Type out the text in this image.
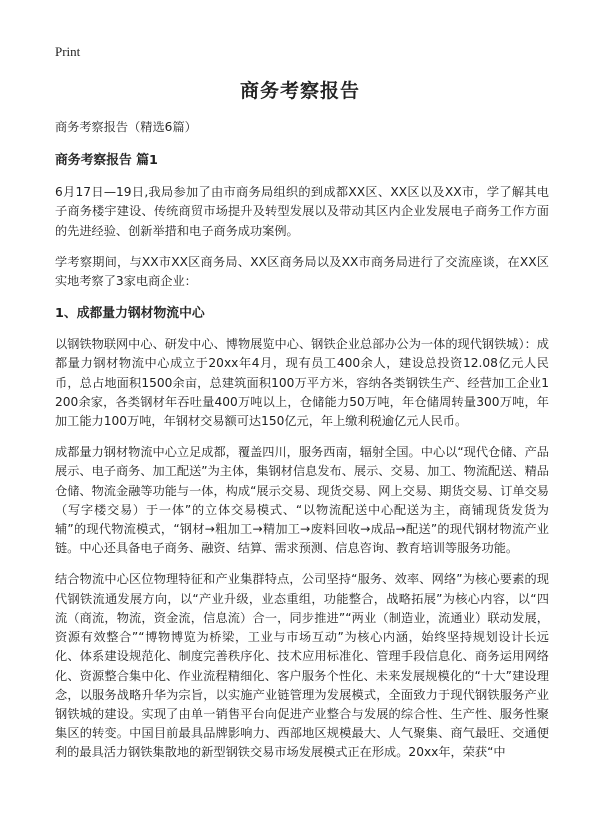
Print
商务考察报告

商务考察报告（精选6篇）

商务考察报告 篇1

6月17日—19日,我局参加了由市商务局组织的到成都XX区、XX区以及XX市，学了解其电子商务楼宇建设、传统商贸市场提升及转型发展以及带动其区内企业发展电子商务工作方面的先进经验、创新举措和电子商务成功案例。

学考察期间，与XX市XX区商务局、XX区商务局以及XX市商务局进行了交流座谈，在XX区实地考察了3家电商企业：

1、成都量力钢材物流中心

以钢铁物联网中心、研发中心、博物展览中心、钢铁企业总部办公为一体的现代钢铁城）：成都量力钢材物流中心成立于20xx年4月，现有员工400余人，建设总投资12.08亿元人民币，总占地面积1500余亩，总建筑面积100万平方米，容纳各类钢铁生产、经营加工企业1200余家，各类钢材年吞吐量400万吨以上，仓储能力50万吨，年仓储周转量300万吨，年加工能力100万吨，年钢材交易额可达150亿元，年上缴利税逾亿元人民币。

成都量力钢材物流中心立足成都，覆盖四川，服务西南，辐射全国。中心以“现代仓储、产品展示、电子商务、加工配送”为主体，集钢材信息发布、展示、交易、加工、物流配送、精品仓储、物流金融等功能与一体，构成“展示交易、现货交易、网上交易、期货交易、订单交易（写字楼交易）于一体”的立体交易模式、“以物流配送中心配送为主，商铺现货发货为辅”的现代物流模式，“钢材→粗加工→精加工→废料回收→成品→配送”的现代钢材物流产业链。中心还具备电子商务、融资、结算、需求预测、信息咨询、教育培训等服务功能。

结合物流中心区位物理特征和产业集群特点，公司坚持“服务、效率、网络”为核心要素的现代钢铁流通发展方向，以“产业升级，业态重组，功能整合，战略拓展”为核心内容，以“四流（商流，物流，资金流，信息流）合一，同步推进”“两业（制造业，流通业）联动发展，资源有效整合”“博物博览为桥梁，工业与市场互动”为核心内涵，始终坚持规划设计长远化、体系建设规范化、制度完善秩序化、技术应用标准化、管理手段信息化、商务运用网络化、资源整合集中化、作业流程精细化、客户服务个性化、未来发展规模化的“十大”建设理念，以服务战略升华为宗旨，以实施产业链管理为发展模式，全面致力于现代钢铁服务产业钢铁城的建设。实现了由单一销售平台向促进产业整合与发展的综合性、生产性、服务性聚集区的转变。中国目前最具品牌影响力、西部地区规模最大、人气聚集、商气最旺、交通便利的最具活力钢铁集散地的新型钢铁交易市场发展模式正在形成。20xx年，荣获“中
